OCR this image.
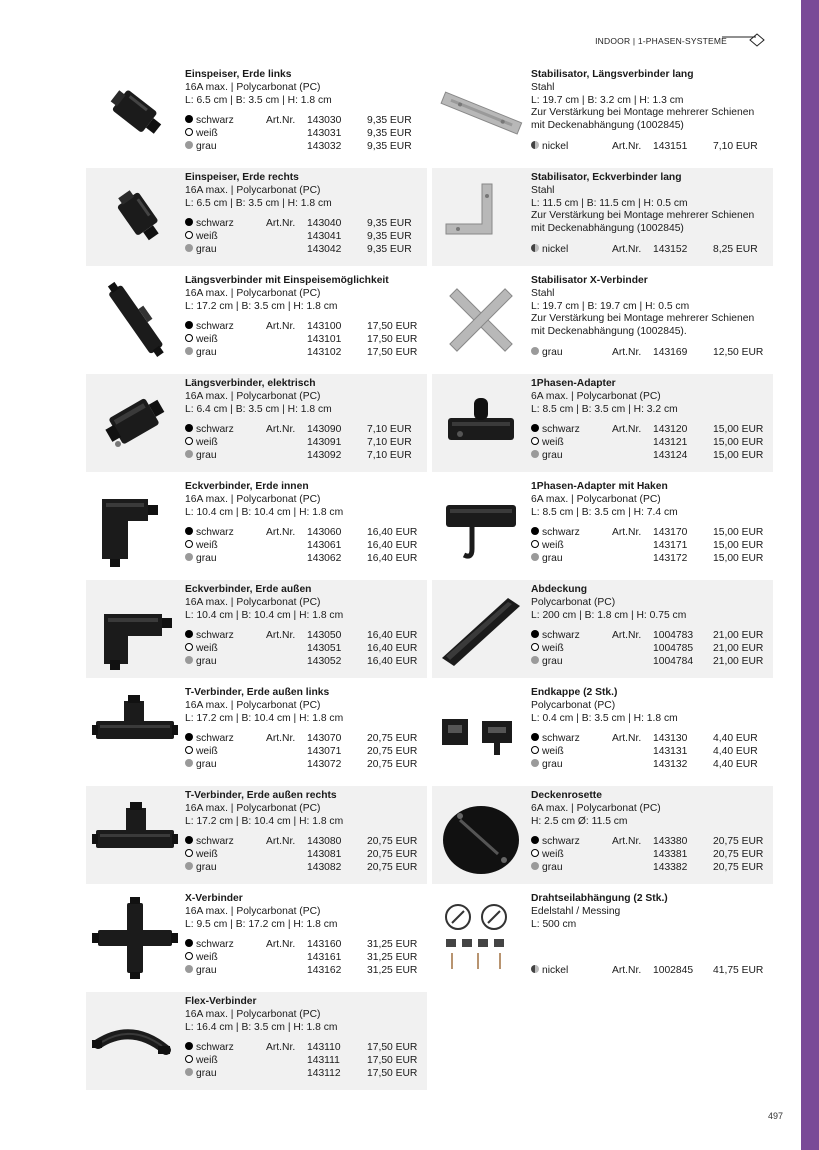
INDOOR | 1-PHASEN-SYSTEME
Einspeiser, Erde links
16A max. | Polycarbonat (PC)
L: 6.5 cm | B: 3.5 cm | H: 1.8 cm
schwarz	Art.Nr. 143030 9,35 EUR
weiß	143031 9,35 EUR
grau	143032 9,35 EUR
Einspeiser, Erde rechts
16A max. | Polycarbonat (PC)
L: 6.5 cm | B: 3.5 cm | H: 1.8 cm
schwarz	Art.Nr. 143040 9,35 EUR
weiß	143041 9,35 EUR
grau	143042 9,35 EUR
Längsverbinder mit Einspeisemöglichkeit
16A max. | Polycarbonat (PC)
L: 17.2 cm | B: 3.5 cm | H: 1.8 cm
schwarz	Art.Nr. 143100 17,50 EUR
weiß	143101 17,50 EUR
grau	143102 17,50 EUR
Längsverbinder, elektrisch
16A max. | Polycarbonat (PC)
L: 6.4 cm | B: 3.5 cm | H: 1.8 cm
schwarz	Art.Nr. 143090 7,10 EUR
weiß	143091 7,10 EUR
grau	143092 7,10 EUR
Eckverbinder, Erde innen
16A max. | Polycarbonat (PC)
L: 10.4 cm | B: 10.4 cm | H: 1.8 cm
schwarz	Art.Nr. 143060 16,40 EUR
weiß	143061 16,40 EUR
grau	143062 16,40 EUR
Eckverbinder, Erde außen
16A max. | Polycarbonat (PC)
L: 10.4 cm | B: 10.4 cm | H: 1.8 cm
schwarz	Art.Nr. 143050 16,40 EUR
weiß	143051 16,40 EUR
grau	143052 16,40 EUR
T-Verbinder, Erde außen links
16A max. | Polycarbonat (PC)
L: 17.2 cm | B: 10.4 cm | H: 1.8 cm
schwarz	Art.Nr. 143070 20,75 EUR
weiß	143071 20,75 EUR
grau	143072 20,75 EUR
T-Verbinder, Erde außen rechts
16A max. | Polycarbonat (PC)
L: 17.2 cm | B: 10.4 cm | H: 1.8 cm
schwarz	Art.Nr. 143080 20,75 EUR
weiß	143081 20,75 EUR
grau	143082 20,75 EUR
X-Verbinder
16A max. | Polycarbonat (PC)
L: 9.5 cm | B: 17.2 cm | H: 1.8 cm
schwarz	Art.Nr. 143160 31,25 EUR
weiß	143161 31,25 EUR
grau	143162 31,25 EUR
Flex-Verbinder
16A max. | Polycarbonat (PC)
L: 16.4 cm | B: 3.5 cm | H: 1.8 cm
schwarz	Art.Nr. 143110	17,50 EUR
weiß	143111	17,50 EUR
grau	143112	17,50 EUR
Stabilisator, Längsverbinder lang
Stahl
L: 19.7 cm | B: 3.2 cm | H: 1.3 cm
Zur Verstärkung bei Montage mehrerer Schienen
mit Deckenabhängung (1002845)
nickel	Art.Nr. 143151 7,10 EUR
Stabilisator, Eckverbinder lang
Stahl
L: 11.5 cm | B: 11.5 cm | H: 0.5 cm
Zur Verstärkung bei Montage mehrerer Schienen
mit Deckenabhängung (1002845)
nickel	Art.Nr. 143152 8,25 EUR
Stabilisator X-Verbinder
Stahl
L: 19.7 cm | B: 19.7 cm | H: 0.5 cm
Zur Verstärkung bei Montage mehrerer Schienen
mit Deckenabhängung (1002845).
grau	Art.Nr. 143169 12,50 EUR
1Phasen-Adapter
6A max. | Polycarbonat (PC)
L: 8.5 cm | B: 3.5 cm | H: 3.2 cm
schwarz	Art.Nr. 143120 15,00 EUR
weiß	143121 15,00 EUR
grau	143124 15,00 EUR
1Phasen-Adapter mit Haken
6A max. | Polycarbonat (PC)
L: 8.5 cm | B: 3.5 cm | H: 7.4 cm
schwarz	Art.Nr. 143170 15,00 EUR
weiß	143171 15,00 EUR
grau	143172 15,00 EUR
Abdeckung
Polycarbonat (PC)
L: 200 cm | B: 1.8 cm | H: 0.75 cm
schwarz	Art.Nr. 1004783 21,00 EUR
weiß	1004785 21,00 EUR
grau	1004784 21,00 EUR
Endkappe (2 Stk.)
Polycarbonat (PC)
L: 0.4 cm | B: 3.5 cm | H: 1.8 cm
schwarz	Art.Nr. 143130 4,40 EUR
weiß	143131 4,40 EUR
grau	143132 4,40 EUR
Deckenrosette
6A max. | Polycarbonat (PC)
H: 2.5 cm Ø: 11.5 cm
schwarz	Art.Nr. 143380 20,75 EUR
weiß	143381 20,75 EUR
grau	143382 20,75 EUR
Drahtseilabhängung (2 Stk.)
Edelstahl / Messing
L: 500 cm
nickel	Art.Nr. 1002845 41,75 EUR
497
